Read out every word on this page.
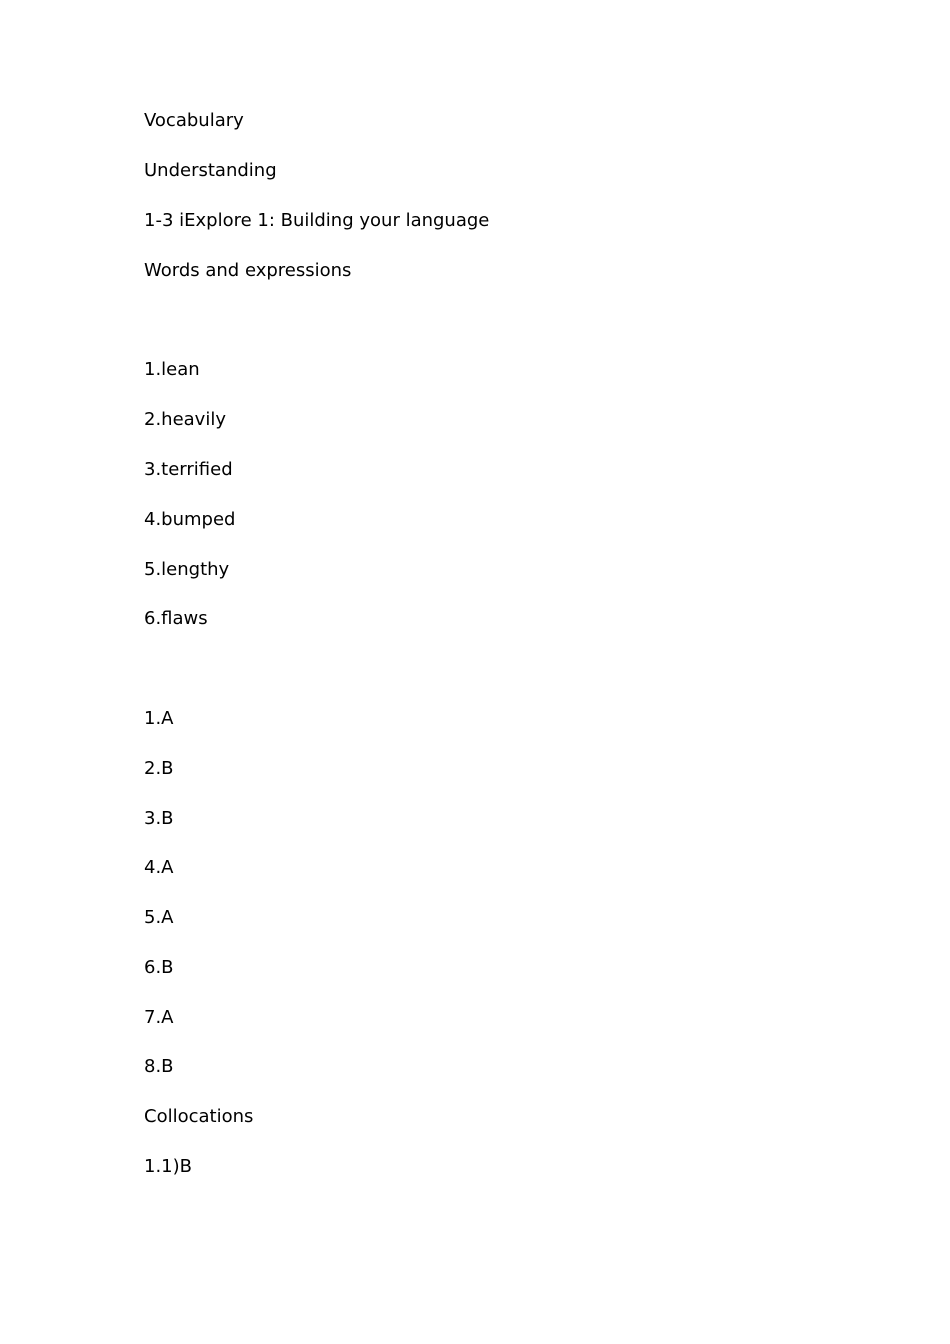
Vocabulary
Understanding
1-3 iExplore 1: Building your language
Words and expressions
1.lean
2.heavily
3.terrified
4.bumped
5.lengthy
6.flaws
1.A
2.B
3.B
4.A
5.A
6.B
7.A
8.B
Collocations
1.1)B
